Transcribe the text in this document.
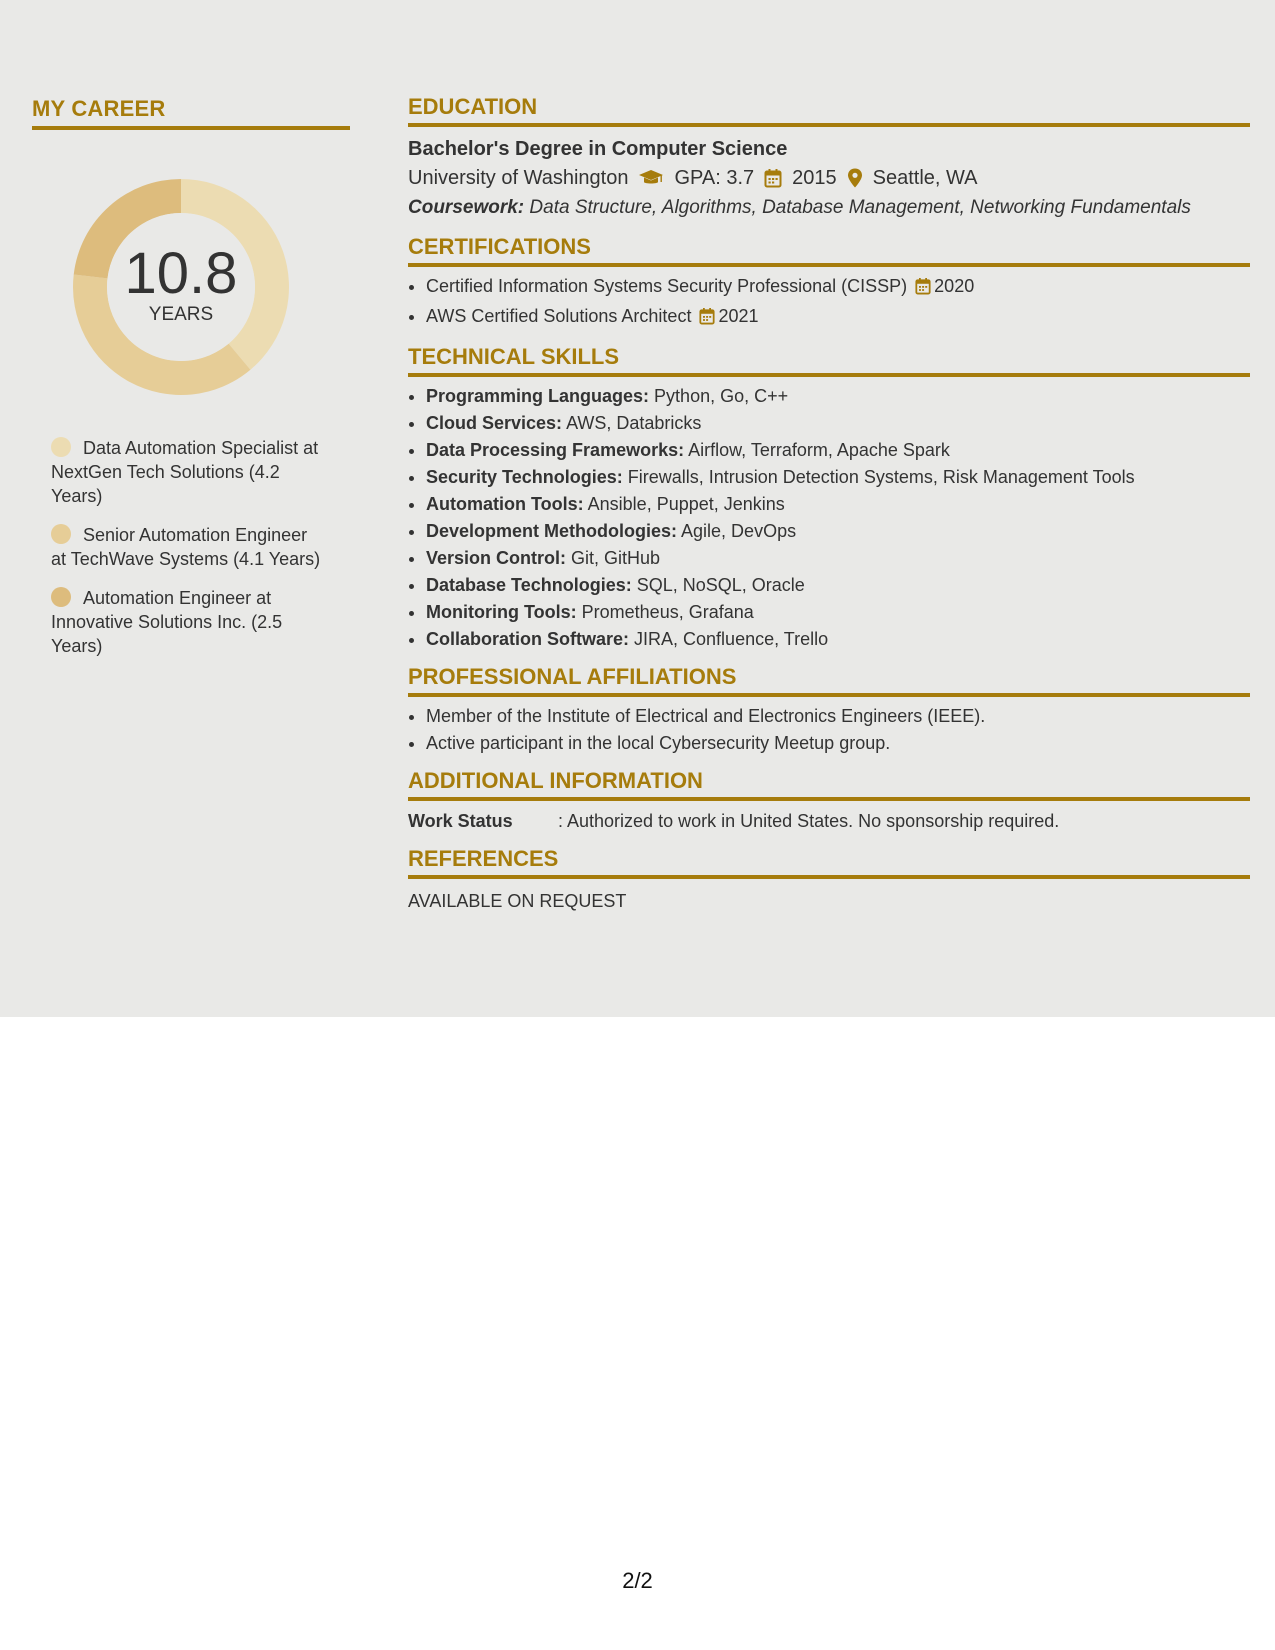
MY CAREER
10.8
YEARS
Data Automation Specialist at NextGen Tech Solutions (4.2 Years)
Senior Automation Engineer at TechWave Systems (4.1 Years)
Automation Engineer at Innovative Solutions Inc. (2.5 Years)
EDUCATION
Bachelor's Degree in Computer Science
University of Washington GPA: 3.7 2015 Seattle, WA
Coursework: Data Structure, Algorithms, Database Management, Networking Fundamentals
CERTIFICATIONS
• Certified Information Systems Security Professional (CISSP) 2020
• AWS Certified Solutions Architect 2021
TECHNICAL SKILLS
• Programming Languages: Python, Go, C++
• Cloud Services: AWS, Databricks
• Data Processing Frameworks: Airflow, Terraform, Apache Spark
• Security Technologies: Firewalls, Intrusion Detection Systems, Risk Management Tools
• Automation Tools: Ansible, Puppet, Jenkins
• Development Methodologies: Agile, DevOps
• Version Control: Git, GitHub
• Database Technologies: SQL, NoSQL, Oracle
• Monitoring Tools: Prometheus, Grafana
• Collaboration Software: JIRA, Confluence, Trello
PROFESSIONAL AFFILIATIONS
• Member of the Institute of Electrical and Electronics Engineers (IEEE).
• Active participant in the local Cybersecurity Meetup group.
ADDITIONAL INFORMATION
Work Status	: Authorized to work in United States. No sponsorship required.
REFERENCES
AVAILABLE ON REQUEST
2/2
